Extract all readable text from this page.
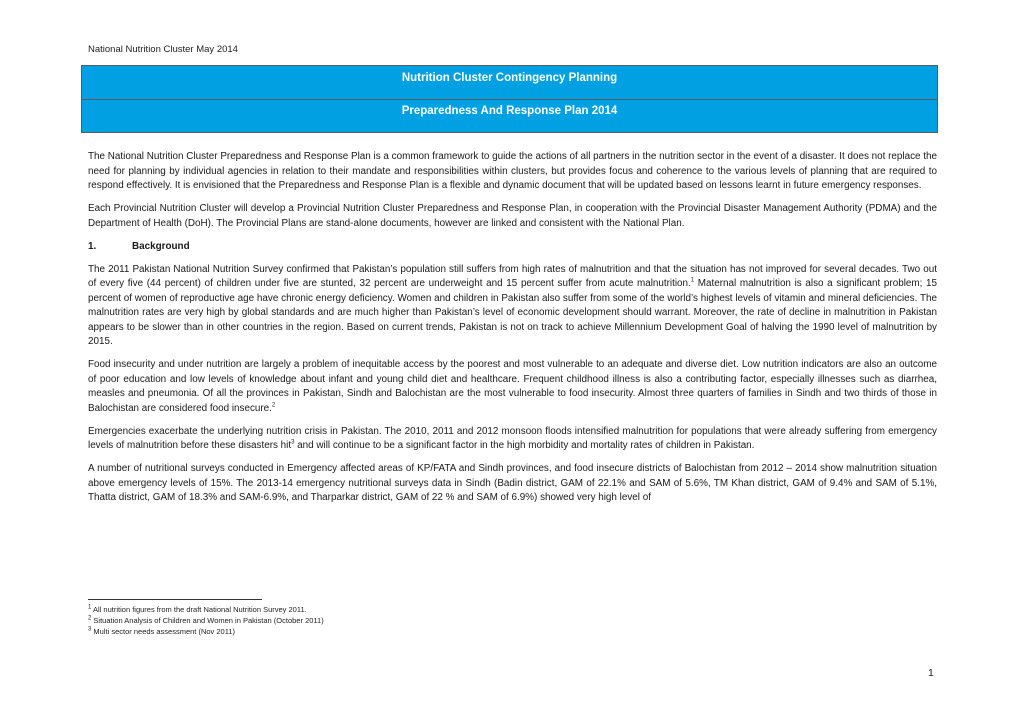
National Nutrition Cluster May 2014
Nutrition Cluster Contingency Planning
Preparedness And Response Plan 2014

The National Nutrition Cluster Preparedness and Response Plan is a common framework to guide the actions of all partners in the nutrition sector in the event of a disaster. It does not replace the need for planning by individual agencies in relation to their mandate and responsibilities within clusters, but provides focus and coherence to the various levels of planning that are required to respond effectively. It is envisioned that the Preparedness and Response Plan is a flexible and dynamic document that will be updated based on lessons learnt in future emergency responses.

Each Provincial Nutrition Cluster will develop a Provincial Nutrition Cluster Preparedness and Response Plan, in cooperation with the Provincial Disaster Management Authority (PDMA) and the Department of Health (DoH). The Provincial Plans are stand-alone documents, however are linked and consistent with the National Plan.

1.	Background

The 2011 Pakistan National Nutrition Survey confirmed that Pakistan’s population still suffers from high rates of malnutrition and that the situation has not improved for several decades. Two out of every five (44 percent) of children under five are stunted, 32 percent are underweight and 15 percent suffer from acute malnutrition.$^1$ Maternal malnutrition is also a significant problem; 15 percent of women of reproductive age have chronic energy deficiency. Women and children in Pakistan also suffer from some of the world’s highest levels of vitamin and mineral deficiencies. The malnutrition rates are very high by global standards and are much higher than Pakistan’s level of economic development should warrant. Moreover, the rate of decline in malnutrition in Pakistan appears to be slower than in other countries in the region. Based on current trends, Pakistan is not on track to achieve Millennium Development Goal of halving the 1990 level of malnutrition by 2015.

Food insecurity and under nutrition are largely a problem of inequitable access by the poorest and most vulnerable to an adequate and diverse diet. Low nutrition indicators are also an outcome of poor education and low levels of knowledge about infant and young child diet and healthcare. Frequent childhood illness is also a contributing factor, especially illnesses such as diarrhea, measles and pneumonia. Of all the provinces in Pakistan, Sindh and Balochistan are the most vulnerable to food insecurity. Almost three quarters of families in Sindh and two thirds of those in Balochistan are considered food insecure.$^2$

Emergencies exacerbate the underlying nutrition crisis in Pakistan. The 2010, 2011 and 2012 monsoon floods intensified malnutrition for populations that were already suffering from emergency levels of malnutrition before these disasters hit$^3$ and will continue to be a significant factor in the high morbidity and mortality rates of children in Pakistan.

A number of nutritional surveys conducted in Emergency affected areas of KP/FATA and Sindh provinces, and food insecure districts of Balochistan from 2012 – 2014 show malnutrition situation above emergency levels of 15%. The 2013-14 emergency nutritional surveys data in Sindh (Badin district, GAM of 22.1% and SAM of 5.6%, TM Khan district, GAM of 9.4% and SAM of 5.1%, Thatta district, GAM of 18.3% and SAM-6.9%, and Tharparkar district, GAM of 22 % and SAM of 6.9%) showed very high level of

$^1$ All nutrition figures from the draft National Nutrition Survey 2011.
$^2$ Situation Analysis of Children and Women in Pakistan (October 2011)
$^3$ Multi sector needs assessment (Nov 2011)
1
